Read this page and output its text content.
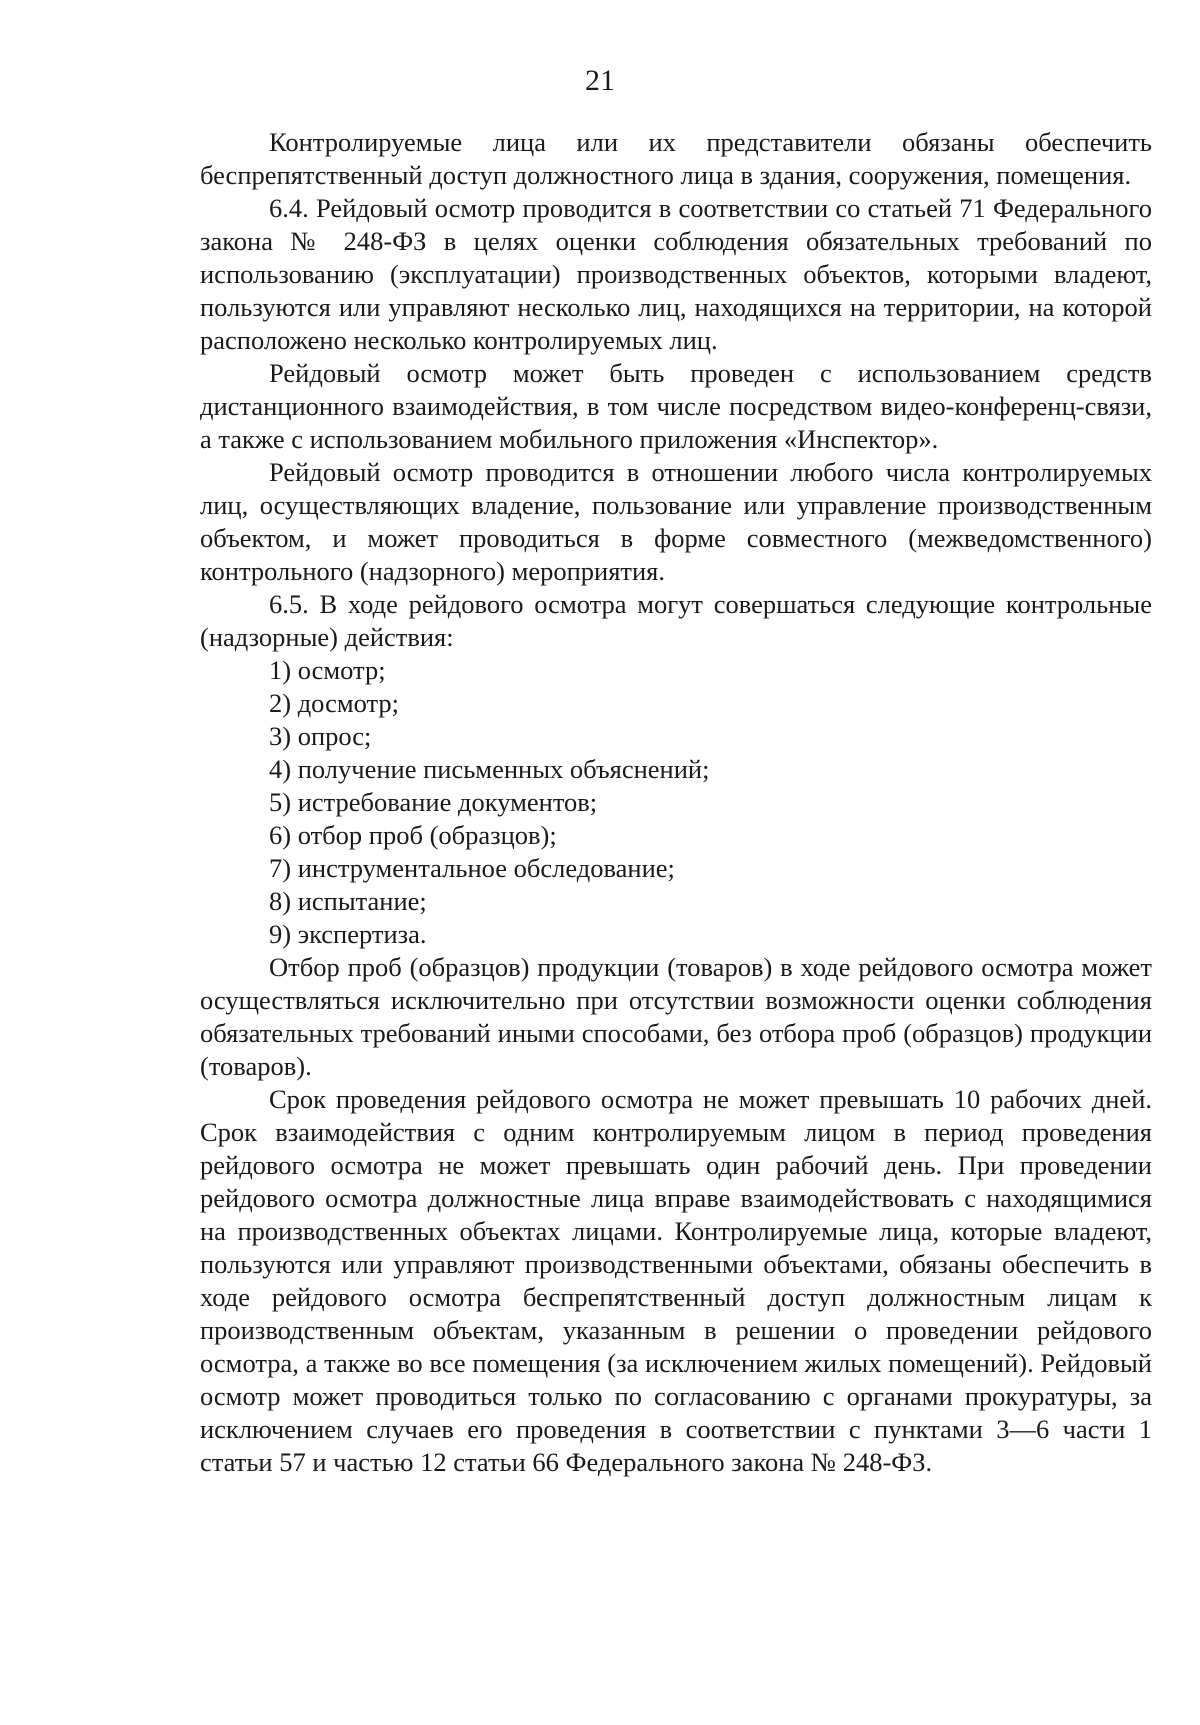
21

Контролируемые лица или их представители обязаны обеспечить беспрепятственный доступ должностного лица в здания, сооружения, помещения.

6.4. Рейдовый осмотр проводится в соответствии со статьей 71 Федерального закона № 248-ФЗ в целях оценки соблюдения обязательных требований по использованию (эксплуатации) производственных объектов, которыми владеют, пользуются или управляют несколько лиц, находящихся на территории, на которой расположено несколько контролируемых лиц.

Рейдовый осмотр может быть проведен с использованием средств дистанционного взаимодействия, в том числе посредством видео-конференц-связи, а также с использованием мобильного приложения «Инспектор».

Рейдовый осмотр проводится в отношении любого числа контролируемых лиц, осуществляющих владение, пользование или управление производственным объектом, и может проводиться в форме совместного (межведомственного) контрольного (надзорного) мероприятия.

6.5. В ходе рейдового осмотра могут совершаться следующие контрольные (надзорные) действия:

1) осмотр;

2) досмотр;

3) опрос;

4) получение письменных объяснений;

5) истребование документов;

6) отбор проб (образцов);

7) инструментальное обследование;

8) испытание;

9) экспертиза.

Отбор проб (образцов) продукции (товаров) в ходе рейдового осмотра может осуществляться исключительно при отсутствии возможности оценки соблюдения обязательных требований иными способами, без отбора проб (образцов) продукции (товаров).

Срок проведения рейдового осмотра не может превышать 10 рабочих дней. Срок взаимодействия с одним контролируемым лицом в период проведения рейдового осмотра не может превышать один рабочий день. При проведении рейдового осмотра должностные лица вправе взаимодействовать с находящимися на производственных объектах лицами. Контролируемые лица, которые владеют, пользуются или управляют производственными объектами, обязаны обеспечить в ходе рейдового осмотра беспрепятственный доступ должностным лицам к производственным объектам, указанным в решении о проведении рейдового осмотра, а также во все помещения (за исключением жилых помещений). Рейдовый осмотр может проводиться только по согласованию с органами прокуратуры, за исключением случаев его проведения в соответствии с пунктами 3—6 части 1 статьи 57 и частью 12 статьи 66 Федерального закона № 248-ФЗ.
